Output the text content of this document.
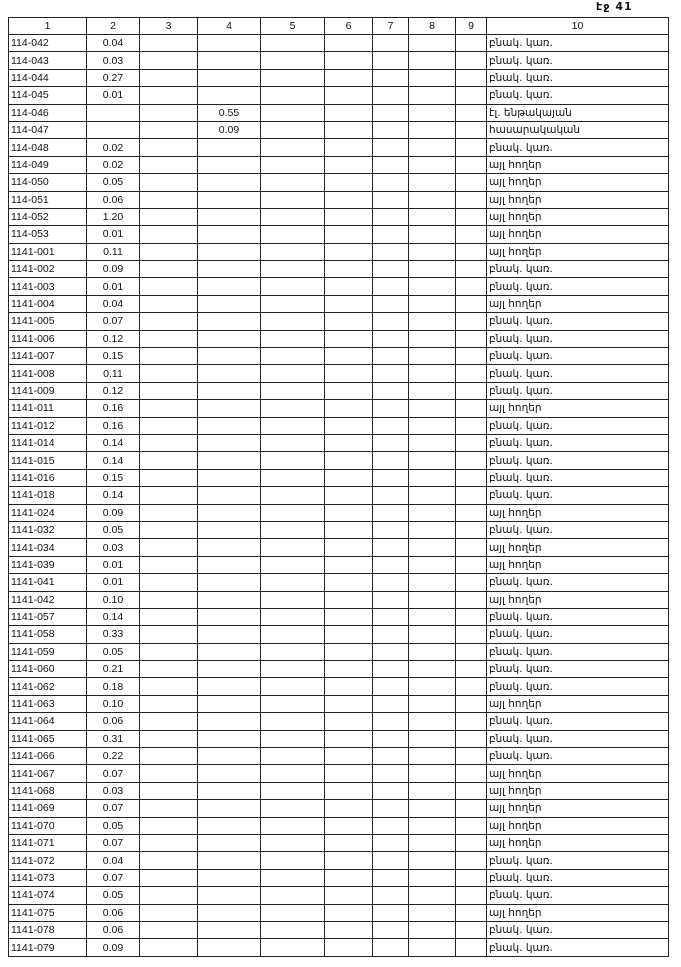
էջ 41
1	2	3	4	5	6	7	8	9	10
114-042	0.04								բնակ. կառ.
114-043	0.03								բնակ. կառ.
114-044	0.27								բնակ. կառ.
114-045	0.01								բնակ. կառ.
114-046			0.55						էլ. ենթակայան
114-047			0.09						hասարակական
114-048	0.02								բնակ. կառ.
114-049	0.02								այլ հողեր
114-050	0.05								այլ հողեր
114-051	0.06								այլ հողեր
114-052	1.20								այլ հողեր
114-053	0.01								այլ հողեր
1141-001	0.11								այլ հողեր
1141-002	0.09								բնակ. կառ.
1141-003	0.01								բնակ. կառ.
1141-004	0.04								այլ հողեր
1141-005	0.07								բնակ. կառ.
1141-006	0.12								բնակ. կառ.
1141-007	0.15								բնակ. կառ.
1141-008	0.11								բնակ. կառ.
1141-009	0.12								բնակ. կառ.
1141-011	0.16								այլ հողեր
1141-012	0.16								բնակ. կառ.
1141-014	0.14								բնակ. կառ.
1141-015	0.14								բնակ. կառ.
1141-016	0.15								բնակ. կառ.
1141-018	0.14								բնակ. կառ.
1141-024	0.09								այլ հողեր
1141-032	0.05								բնակ. կառ.
1141-034	0.03								այլ հողեր
1141-039	0.01								այլ հողեր
1141-041	0.01								բնակ. կառ.
1141-042	0.10								այլ հողեր
1141-057	0.14								բնակ. կառ.
1141-058	0.33								բնակ. կառ.
1141-059	0.05								բնակ. կառ.
1141-060	0.21								բնակ. կառ.
1141-062	0.18								բնակ. կառ.
1141-063	0.10								այլ հողեր
1141-064	0.06								բնակ. կառ.
1141-065	0.31								բնակ. կառ.
1141-066	0.22								բնակ. կառ.
1141-067	0.07								այլ հողեր
1141-068	0.03								այլ հողեր
1141-069	0.07								այլ հողեր
1141-070	0.05								այլ հողեր
1141-071	0.07								այլ հողեր
1141-072	0.04								բնակ. կառ.
1141-073	0.07								բնակ. կառ.
1141-074	0.05								բնակ. կառ.
1141-075	0.06								այլ հողեր
1141-078	0.06								բնակ. կառ.
1141-079	0.09								բնակ. կառ.
